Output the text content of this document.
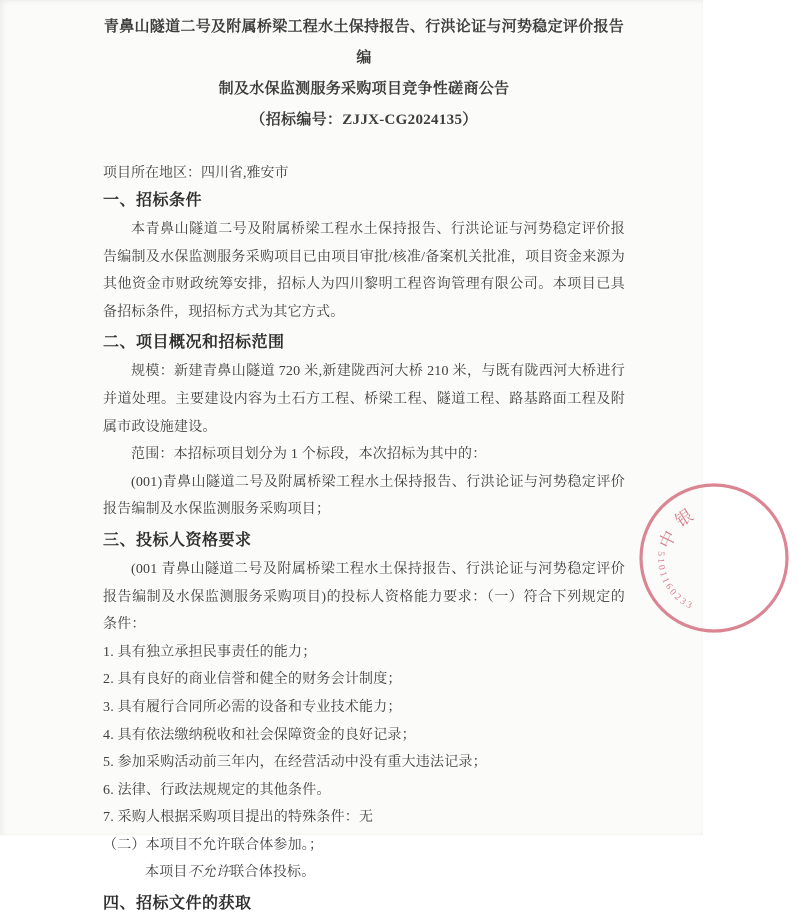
青鼻山隧道二号及附属桥梁工程水土保持报告、行洪论证与河势稳定评价报告编
制及水保监测服务采购项目竞争性磋商公告
（招标编号：ZJJX-CG2024135）
项目所在地区：四川省,雅安市
一、招标条件

本青鼻山隧道二号及附属桥梁工程水土保持报告、行洪论证与河势稳定评价报告编制及水保监测服务采购项目已由项目审批/核准/备案机关批准，项目资金来源为其他资金市财政统筹安排，招标人为四川黎明工程咨询管理有限公司。本项目已具备招标条件，现招标方式为其它方式。

二、项目概况和招标范围

规模：新建青鼻山隧道 720 米,新建陇西河大桥 210 米，与既有陇西河大桥进行并道处理。主要建设内容为土石方工程、桥梁工程、隧道工程、路基路面工程及附属市政设施建设。

范围：本招标项目划分为 1 个标段，本次招标为其中的：

(001)青鼻山隧道二号及附属桥梁工程水土保持报告、行洪论证与河势稳定评价报告编制及水保监测服务采购项目；

三、投标人资格要求

(001 青鼻山隧道二号及附属桥梁工程水土保持报告、行洪论证与河势稳定评价报告编制及水保监测服务采购项目)的投标人资格能力要求：（一）符合下列规定的条件：

1. 具有独立承担民事责任的能力；

2. 具有良好的商业信誉和健全的财务会计制度；

3. 具有履行合同所必需的设备和专业技术能力；

4. 具有依法缴纳税收和社会保障资金的良好记录；

5. 参加采购活动前三年内，在经营活动中没有重大违法记录；

6. 法律、行政法规规定的其他条件。

7. 采购人根据采购项目提出的特殊条件：无

（二）本项目不允许联合体参加。；

本项目不允许联合体投标。

四、招标文件的获取
中银
5101160233
